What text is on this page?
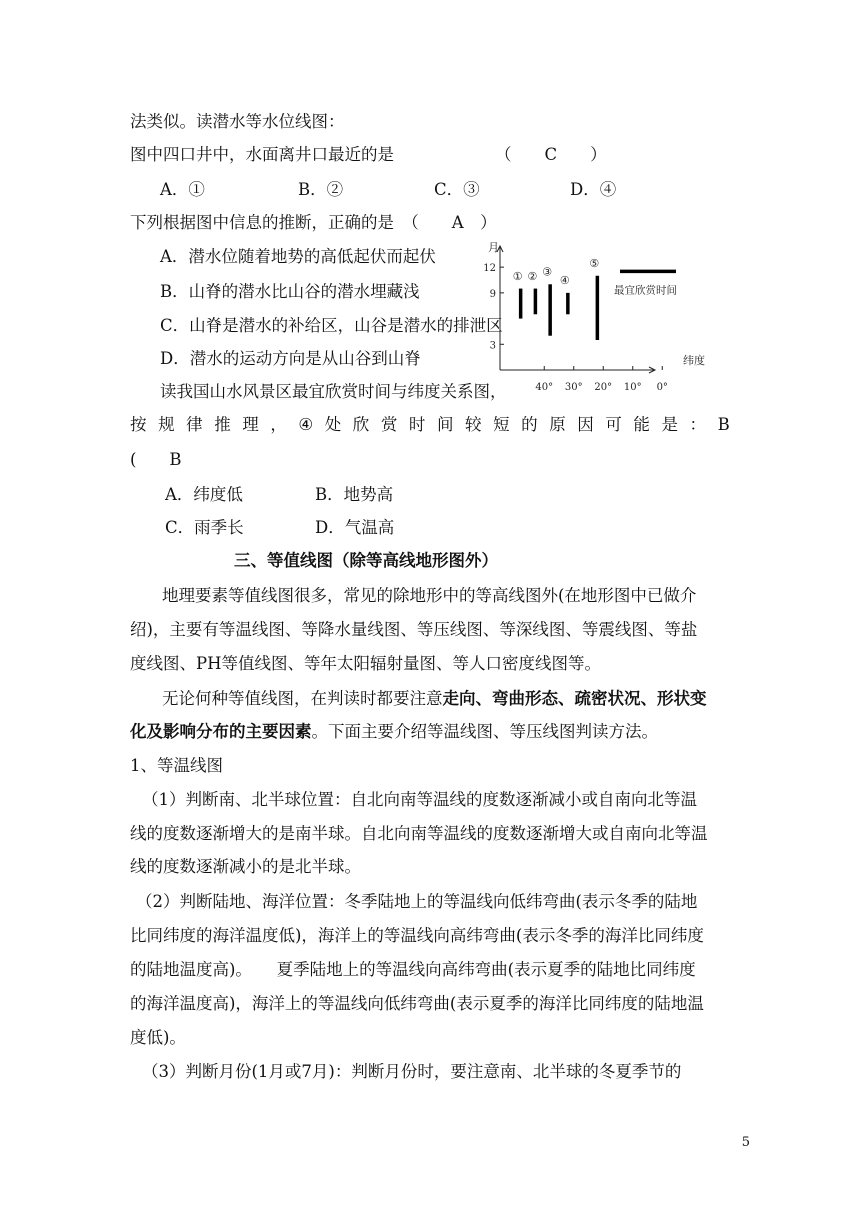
法类似。读潜水等水位线图：
图中四口井中，水面离井口最近的是	（　　C　　）
A．①	B．②	C．③	D．④
下列根据图中信息的推断，正确的是　（　　A　）
A．潜水位随着地势的高低起伏而起伏
B．山脊的潜水比山谷的潜水埋藏浅
C．山脊是潜水的补给区，山谷是潜水的排泄区
D．潜水的运动方向是从山谷到山脊
读我国山水风景区最宜欣赏时间与纬度关系图，
按 规 律 推 理 ， ④ 处 欣 赏 时 间 较 短 的 原 因 可 能 是 ： B
(　　B
A．纬度低	B．地势高
C．雨季长	D．气温高
三、等值线图（除等高线地形图外）
地理要素等值线图很多，常见的除地形中的等高线图外(在地形图中已做介
绍)，主要有等温线图、等降水量线图、等压线图、等深线图、等震线图、等盐
度线图、PH等值线图、等年太阳辐射量图、等人口密度线图等。
无论何种等值线图，在判读时都要注意走向、弯曲形态、疏密状况、形状变
化及影响分布的主要因素。下面主要介绍等温线图、等压线图判读方法。
1、等温线图
（1）判断南、北半球位置：自北向南等温线的度数逐渐减小或自南向北等温
线的度数逐渐增大的是南半球。自北向南等温线的度数逐渐增大或自南向北等温
线的度数逐渐减小的是北半球。
（2）判断陆地、海洋位置：冬季陆地上的等温线向低纬弯曲(表示冬季的陆地
比同纬度的海洋温度低)，海洋上的等温线向高纬弯曲(表示冬季的海洋比同纬度
的陆地温度高)。　　夏季陆地上的等温线向高纬弯曲(表示夏季的陆地比同纬度
的海洋温度高)，海洋上的等温线向低纬弯曲(表示夏季的海洋比同纬度的陆地温
度低)。
（3）判断月份(1月或7月)：判断月份时，要注意南、北半球的冬夏季节的
5
月
纬度
3
9
12
40° 30° 20° 10° 0°
① ② ③
④
⑤
最宜欣赏时间
